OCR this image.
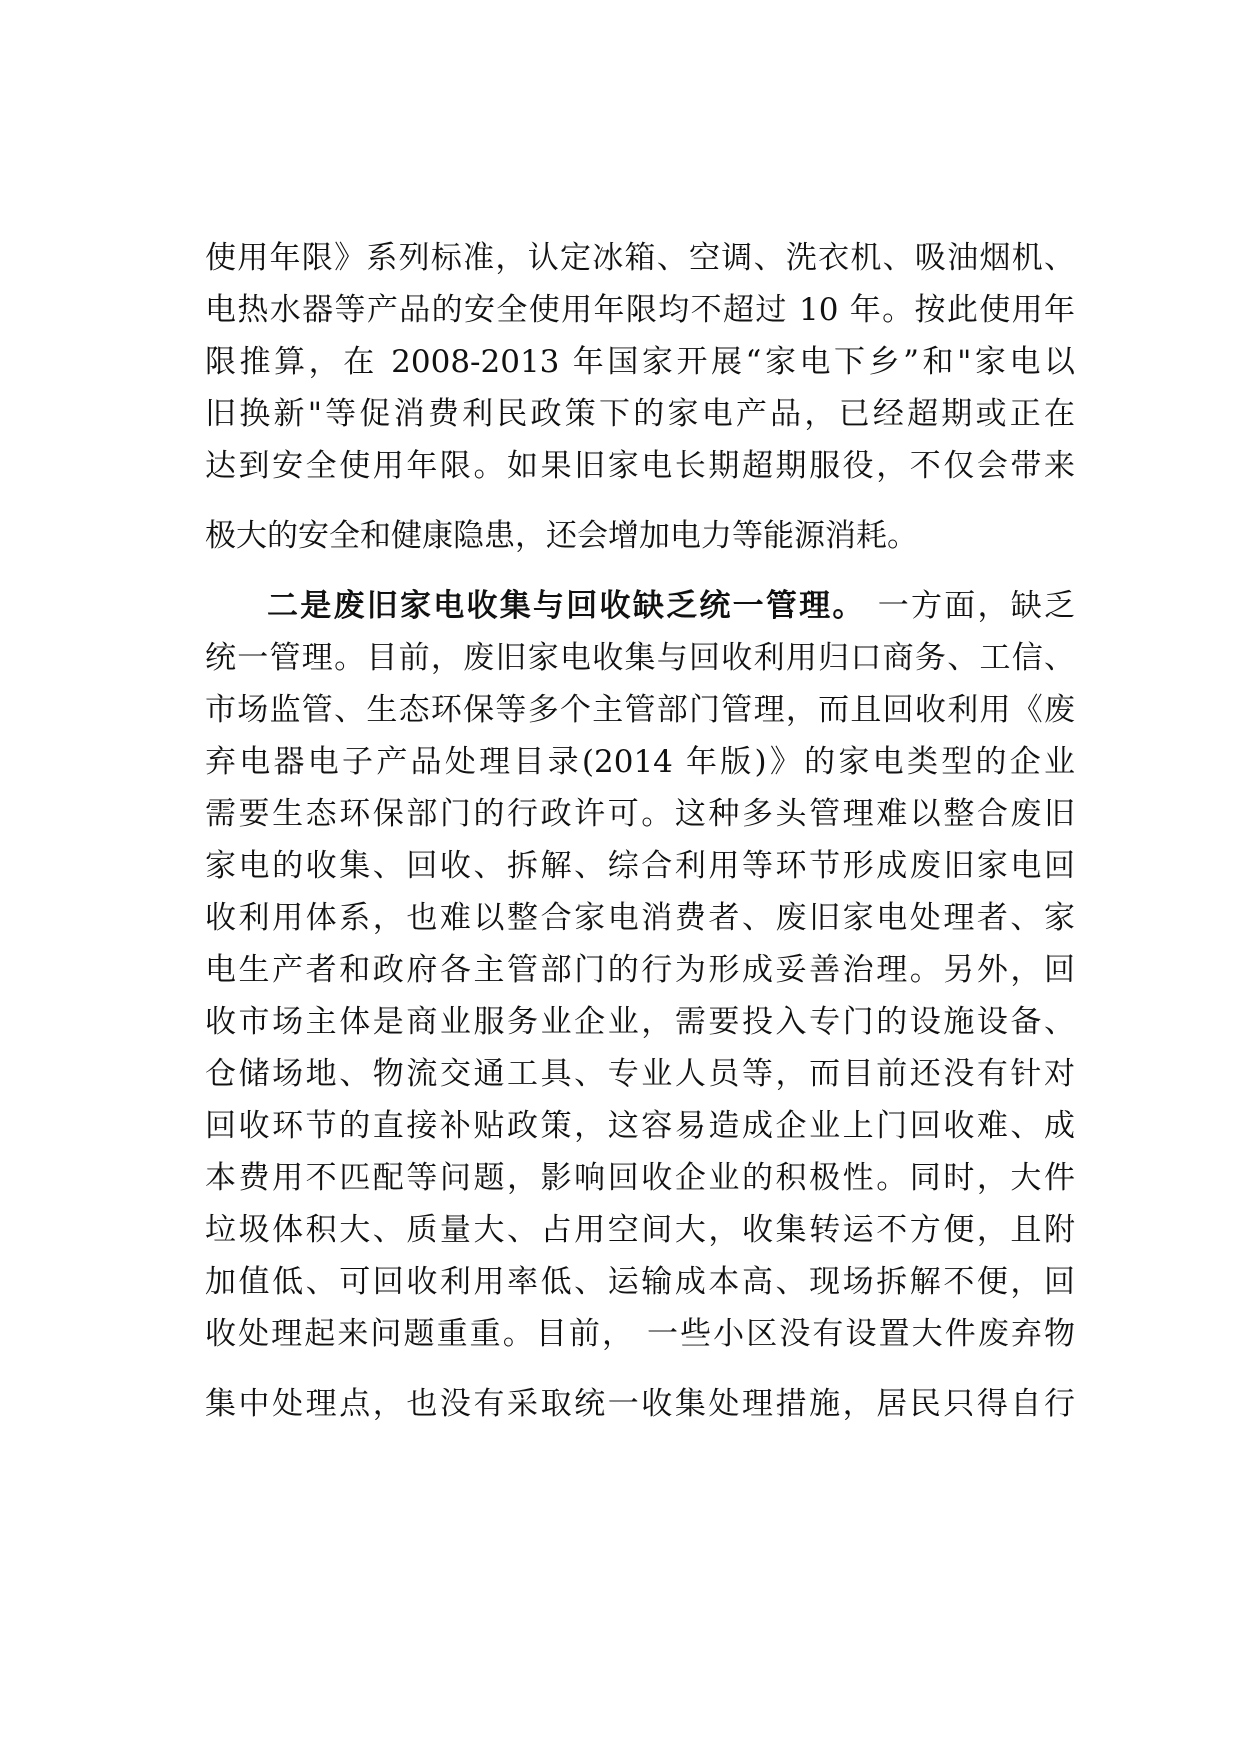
使用年限》系列标准，认定冰箱、空调、洗衣机、吸油烟机、
电热水器等产品的安全使用年限均不超过 10 年。按此使用年
限推算，在 2008-2013 年国家开展“家电下乡”和"家电以
旧换新"等促消费利民政策下的家电产品，已经超期或正在
达到安全使用年限。如果旧家电长期超期服役，不仅会带来
极大的安全和健康隐患，还会增加电力等能源消耗。
二是废旧家电收集与回收缺乏统一管理。 一方面，缺乏
统一管理。目前，废旧家电收集与回收利用归口商务、工信、
市场监管、生态环保等多个主管部门管理，而且回收利用《废
弃电器电子产品处理目录(2014 年版)》的家电类型的企业
需要生态环保部门的行政许可。这种多头管理难以整合废旧
家电的收集、回收、拆解、综合利用等环节形成废旧家电回
收利用体系，也难以整合家电消费者、废旧家电处理者、家
电生产者和政府各主管部门的行为形成妥善治理。另外，回
收市场主体是商业服务业企业，需要投入专门的设施设备、
仓储场地、物流交通工具、专业人员等，而目前还没有针对
回收环节的直接补贴政策，这容易造成企业上门回收难、成
本费用不匹配等问题，影响回收企业的积极性。同时，大件
垃圾体积大、质量大、占用空间大，收集转运不方便，且附
加值低、可回收利用率低、运输成本高、现场拆解不便，回
收处理起来问题重重。目前， 一些小区没有设置大件废弃物
集中处理点，也没有采取统一收集处理措施，居民只得自行
